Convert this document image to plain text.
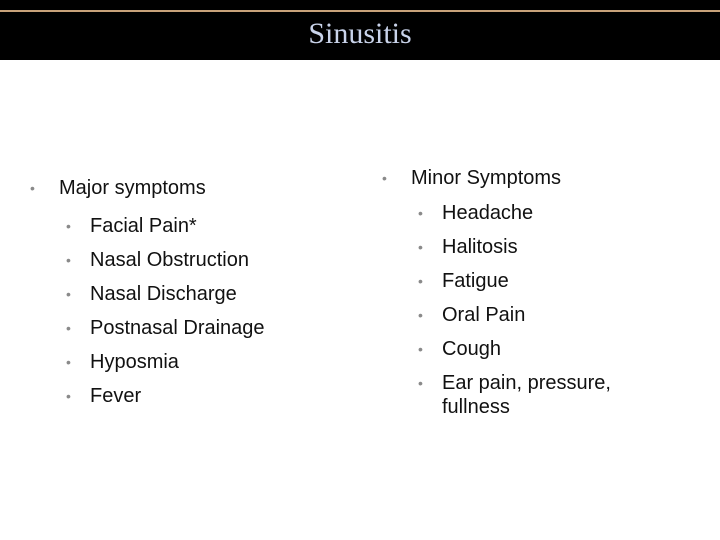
Sinusitis
• Major symptoms
• Facial Pain*
• Nasal Obstruction
• Nasal Discharge
• Postnasal Drainage
• Hyposmia
• Fever
• Minor Symptoms
• Headache
• Halitosis
• Fatigue
• Oral Pain
• Cough
• Ear pain, pressure, fullness
